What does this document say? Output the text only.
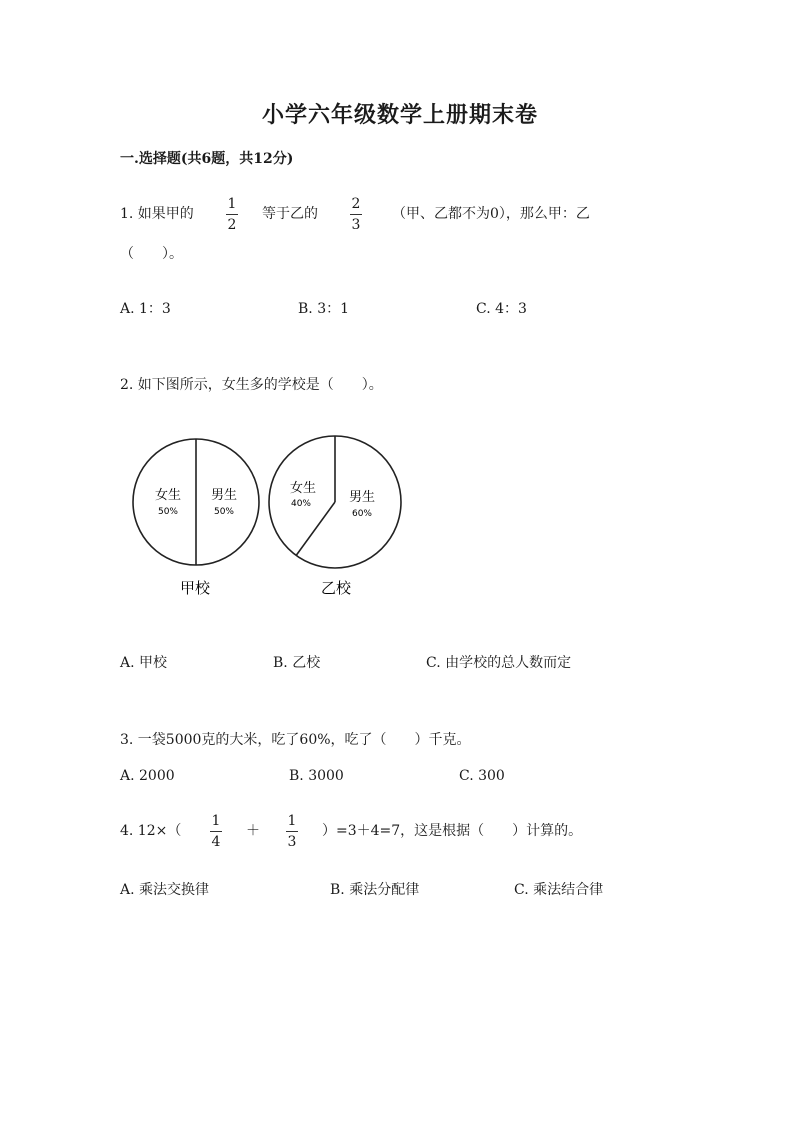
小学六年级数学上册期末卷
一.选择题(共6题，共12分)
1. 如果甲的
1
2
等于乙的
2
3
（甲、乙都不为0），那么甲：乙
（　　）。
A. 1：3	B. 3：1	C. 4：3
2. 如下图所示，女生多的学校是（　　）。
女生
50%
男生
50%
甲校
女生
40%	男生
60%
乙校
A. 甲校	B. 乙校	C. 由学校的总人数而定
3. 一袋5000克的大米，吃了60%，吃了（　　）千克。
A. 2000	B. 3000	C. 300
4. 12×（
1
4
＋
1
3
）=3＋4=7，这是根据（　　）计算的。
A. 乘法交换律	B. 乘法分配律	C. 乘法结合律
